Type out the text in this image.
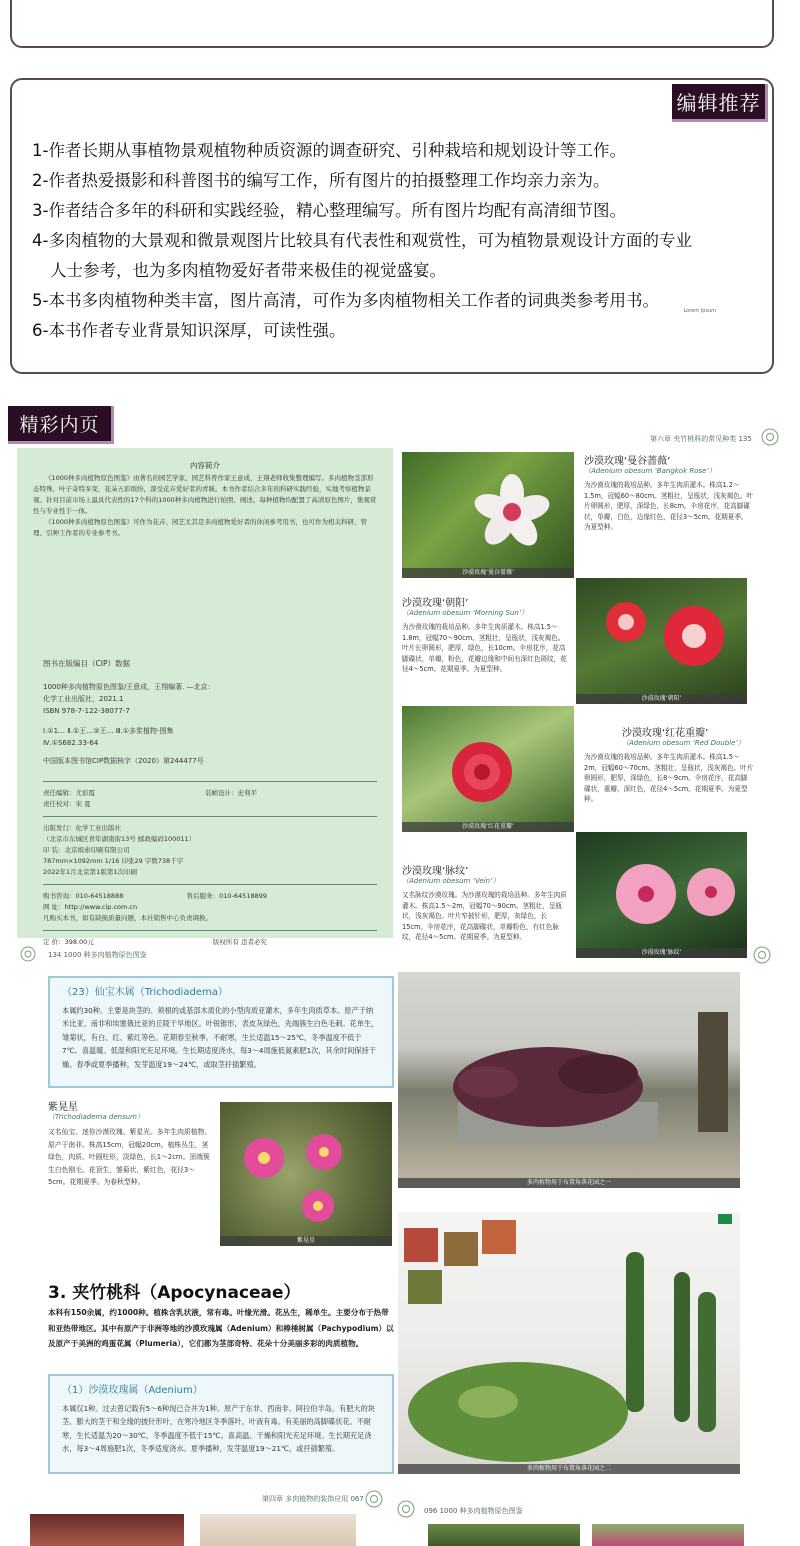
编辑推荐
1-作者长期从事植物景观植物种质资源的调查研究、引种栽培和规划设计等工作。
2-作者热爱摄影和科普图书的编写工作，所有图片的拍摄整理工作均亲力亲为。
3-作者结合多年的科研和实践经验，精心整理编写。所有图片均配有高清细节图。
4-多肉植物的大景观和微景观图片比较具有代表性和观赏性，可为植物景观设计方面的专业
人士参考，也为多肉植物爱好者带来极佳的视觉盛宴。
5-本书多肉植物种类丰富，图片高清，可作为多肉植物相关工作者的词典类参考用书。
6-本书作者专业背景知识深厚，可读性强。
Lorem Ipsum
精彩内页
内容简介

《1000种多肉植物原色图鉴》由著名的园艺学家、园艺科普作家王意成、王翔老师收集整理编写。多肉植物茎部形态特殊，叶子奇特多变，花朵五彩缤纷，深受花卉爱好者的青睐。本书作者结合多年的科研实践经验，实地考察植物景观。针对目前市场上最具代表性的17个科的1000种多肉植物进行拍照、阐述。每种植物均配置了高清原色图片，集观赏性与专业性于一体。

《1000种多肉植物原色图鉴》可作为花卉、园艺尤其是多肉植物爱好者的休闲参考用书，也可作为相关科研、管理、引种工作者的专业参考书。

图书在版编目（CIP）数据
1000种多肉植物原色图鉴/王意成，王翔编著. —北京：
化学工业出版社，2021.1
ISBN 978-7-122-38077-7
Ⅰ.①1… Ⅱ.①王…②王… Ⅲ.①多浆植物-图集
Ⅳ.①S682.33-64
中国版本图书馆CIP数据核字（2020）第244477号
责任编辑：尤彩霞	装帧设计：史利平
责任校对：宋 夏
出版发行：化学工业出版社
（北京市东城区青年湖南街13号 邮政编码100011）
印 装：北京缤索印刷有限公司
787mm×1092mm 1/16 印张29 字数738千字
2022年1月北京第1版第1次印刷
购书咨询：010-64518888	售后服务：010-64518899
网 址：http://www.cip.com.cn
凡购买本书，如有缺损质量问题，本社销售中心负责调换。
定 价：398.00元	版权所有 违者必究
134 1000 种多肉植物原色图鉴
第六章 夹竹桃科的常见种类 135
沙漠玫瑰‘曼谷蔷薇’
沙漠玫瑰‘曼谷蔷薇’
（Adenium obesum ‘Bangkok Rose’）
为沙漠玫瑰的栽培品种。多年生肉质灌木。株高1.2～1.5m，冠幅60～80cm。茎粗壮，呈瓶状，浅灰褐色。叶片卵圆形，肥厚，深绿色，长8cm。伞房花序，花高脚碟状，单瓣，白色，边缘红色，花径3～5cm。花期夏季。为夏型种。
沙漠玫瑰‘朝阳’
（Adenium obesum ‘Morning Sun’）
为沙漠玫瑰的栽培品种。多年生肉质灌木。株高1.5～1.8m，冠幅70～90cm。茎粗壮，呈瓶状，浅灰褐色。叶片长卵圆形，肥厚，绿色，长10cm。伞房花序，花高脚碟状，单瓣，粉色，花瓣边缘和中间有深红色斑纹，花径4～5cm。花期夏季。为夏型种。
沙漠玫瑰‘朝阳’
沙漠玫瑰‘红花重瓣’
沙漠玫瑰‘红花重瓣’
（Adenium obesum ‘Red Double’）
为沙漠玫瑰的栽培品种。多年生肉质灌木。株高1.5～2m，冠幅60～70cm。茎粗壮，呈瓶状，浅灰褐色。叶片卵圆形，肥厚，深绿色，长8～9cm。伞房花序，花高脚碟状，重瓣，深红色，花径4～5cm。花期夏季。为夏型种。
沙漠玫瑰‘脉纹’
（Adenium obesum ‘Vein’）
又名脉纹沙漠玫瑰。为沙漠玫瑰的栽培品种。多年生肉质灌木。株高1.5～2m，冠幅70～90cm。茎粗壮，呈瓶状，浅灰褐色。叶片窄披针形，肥厚，灰绿色，长15cm。伞房花序，花高脚碟状，单瓣粉色，有红色脉纹，花径4～5cm。花期夏季。为夏型种。
沙漠玫瑰‘脉纹’
（23）仙宝木属（Trichodiadema）
本属约30种。主要是块茎的、须根的或基部木质化的小型肉质亚灌木，多年生肉质草本。原产于纳米比亚、南非和埃塞俄比亚的丘陵干旱地区。叶锐锥形，表皮灰绿色，先端簇生白色毛刺。花单生，雏菊状，有白、红、紫红等色。花期春至秋季。不耐寒，生长适温15～25℃，冬季温度不低于7℃。喜温暖、低湿和阳光充足环境。生长期适度浇水，每3～4周施低氮素肥1次，其余时间保持干燥。春季或夏季播种，发芽温度19～24℃，或取茎扦插繁殖。
紫晃星
（Trichodiadema densum）
又名仙宝、迷你沙漠玫瑰、紫星光。多年生肉质植物。原产于南非。株高15cm，冠幅20cm。植株丛生，茎绿色，肉质。叶圆柱形，淡绿色，长1～2cm。顶端簇生白色刚毛。花顶生，雏菊状，紫红色，花径3～5cm。花期夏季。为春秋型种。
紫晃星
多肉植物用于布置角落花园之一
3. 夹竹桃科（Apocynaceae）
本科有150余属，约1000种。植株含乳状液，常有毒。叶缘光滑。花丛生，稀单生。主要分布于热带和亚热带地区。其中有原产于非洲等地的沙漠玫瑰属（Adenium）和棒棰树属（Pachypodium）以及原产于美洲的鸡蛋花属（Plumeria），它们都为茎部奇特、花朵十分美丽多彩的肉质植物。
（1）沙漠玫瑰属（Adenium）
本属仅1种。过去曾记载有5～6种现已合并为1种。原产于东非、西南非、阿拉伯半岛。有肥大的块茎、膨大的茎干和全缘的披针形叶，在寒冷地区冬季落叶，叶液有毒。有美丽的高脚碟状花。不耐寒，生长适温为20～30℃，冬季温度不低于15℃。喜高温、干燥和阳光充足环境。生长期充足浇水，每3～4周施肥1次，冬季适度浇水。夏季播种，发芽温度19～21℃，或扦插繁殖。
多肉植物用于布置角落花园之二
第四章 多肉植物的装饰应用 067
096 1000 种多肉植物原色图鉴
